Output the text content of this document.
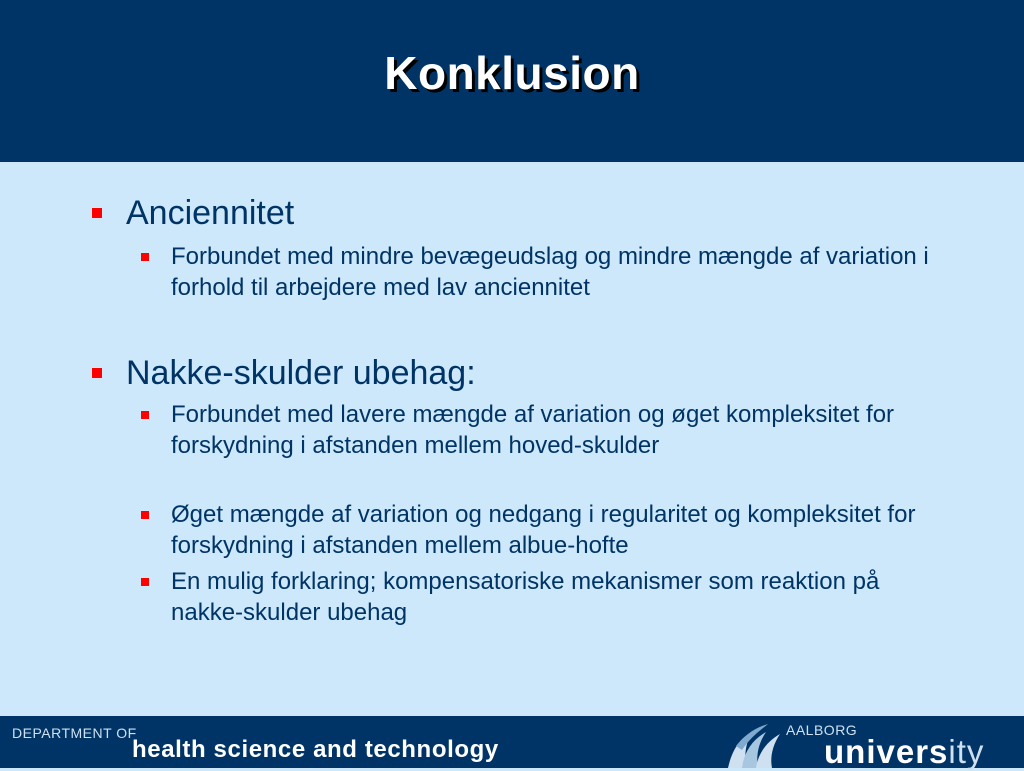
Konklusion
Anciennitet
Forbundet med mindre bevægeudslag og mindre mængde af variation i forhold til arbejdere med lav anciennitet
Nakke-skulder ubehag:
Forbundet med lavere mængde af variation og øget kompleksitet for forskydning i afstanden mellem hoved-skulder
Øget mængde af variation og nedgang i regularitet og kompleksitet for forskydning i afstanden mellem albue-hofte
En mulig forklaring; kompensatoriske mekanismer som reaktion på nakke-skulder ubehag
DEPARTMENT OF
health science and technology
AALBORG
university
